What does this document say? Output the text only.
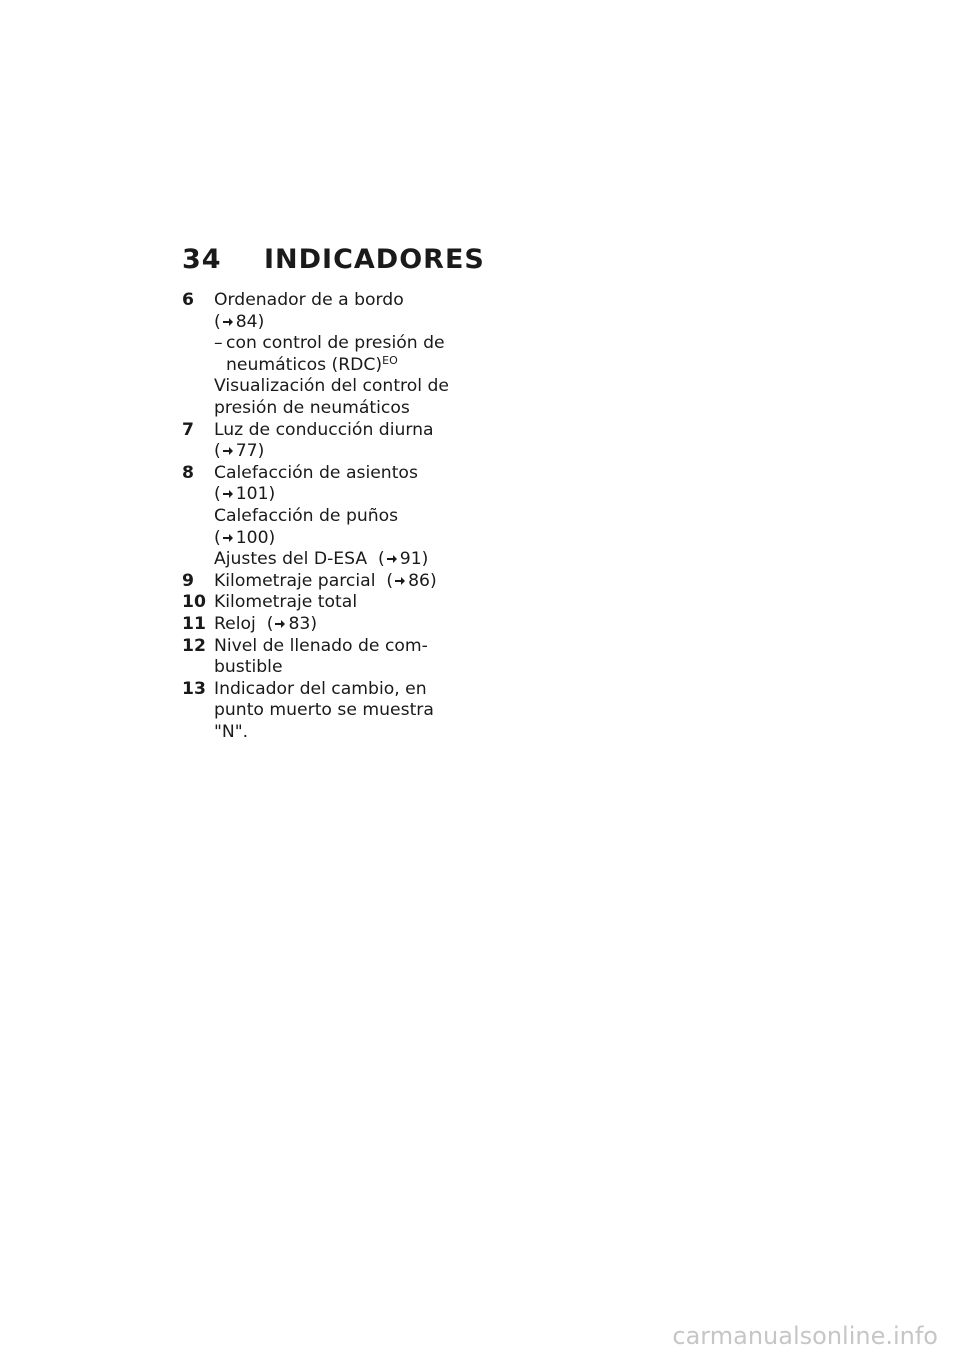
34 INDICADORES
6 Ordenador de a bordo
( 84)
– con control de presión de neumáticos (RDC)$^{EO}$
Visualización del control de presión de neumáticos
7 Luz de conducción diurna
( 77)
8 Calefacción de asientos
( 101)
Calefacción de puños
( 100)
Ajustes del D-ESA  ( 91)
9 Kilometraje parcial  ( 86)
10 Kilometraje total
11 Reloj  ( 83)
12 Nivel de llenado de com-bustible
13 Indicador del cambio, en punto muerto se muestra "N".
carmanualsonline.info
